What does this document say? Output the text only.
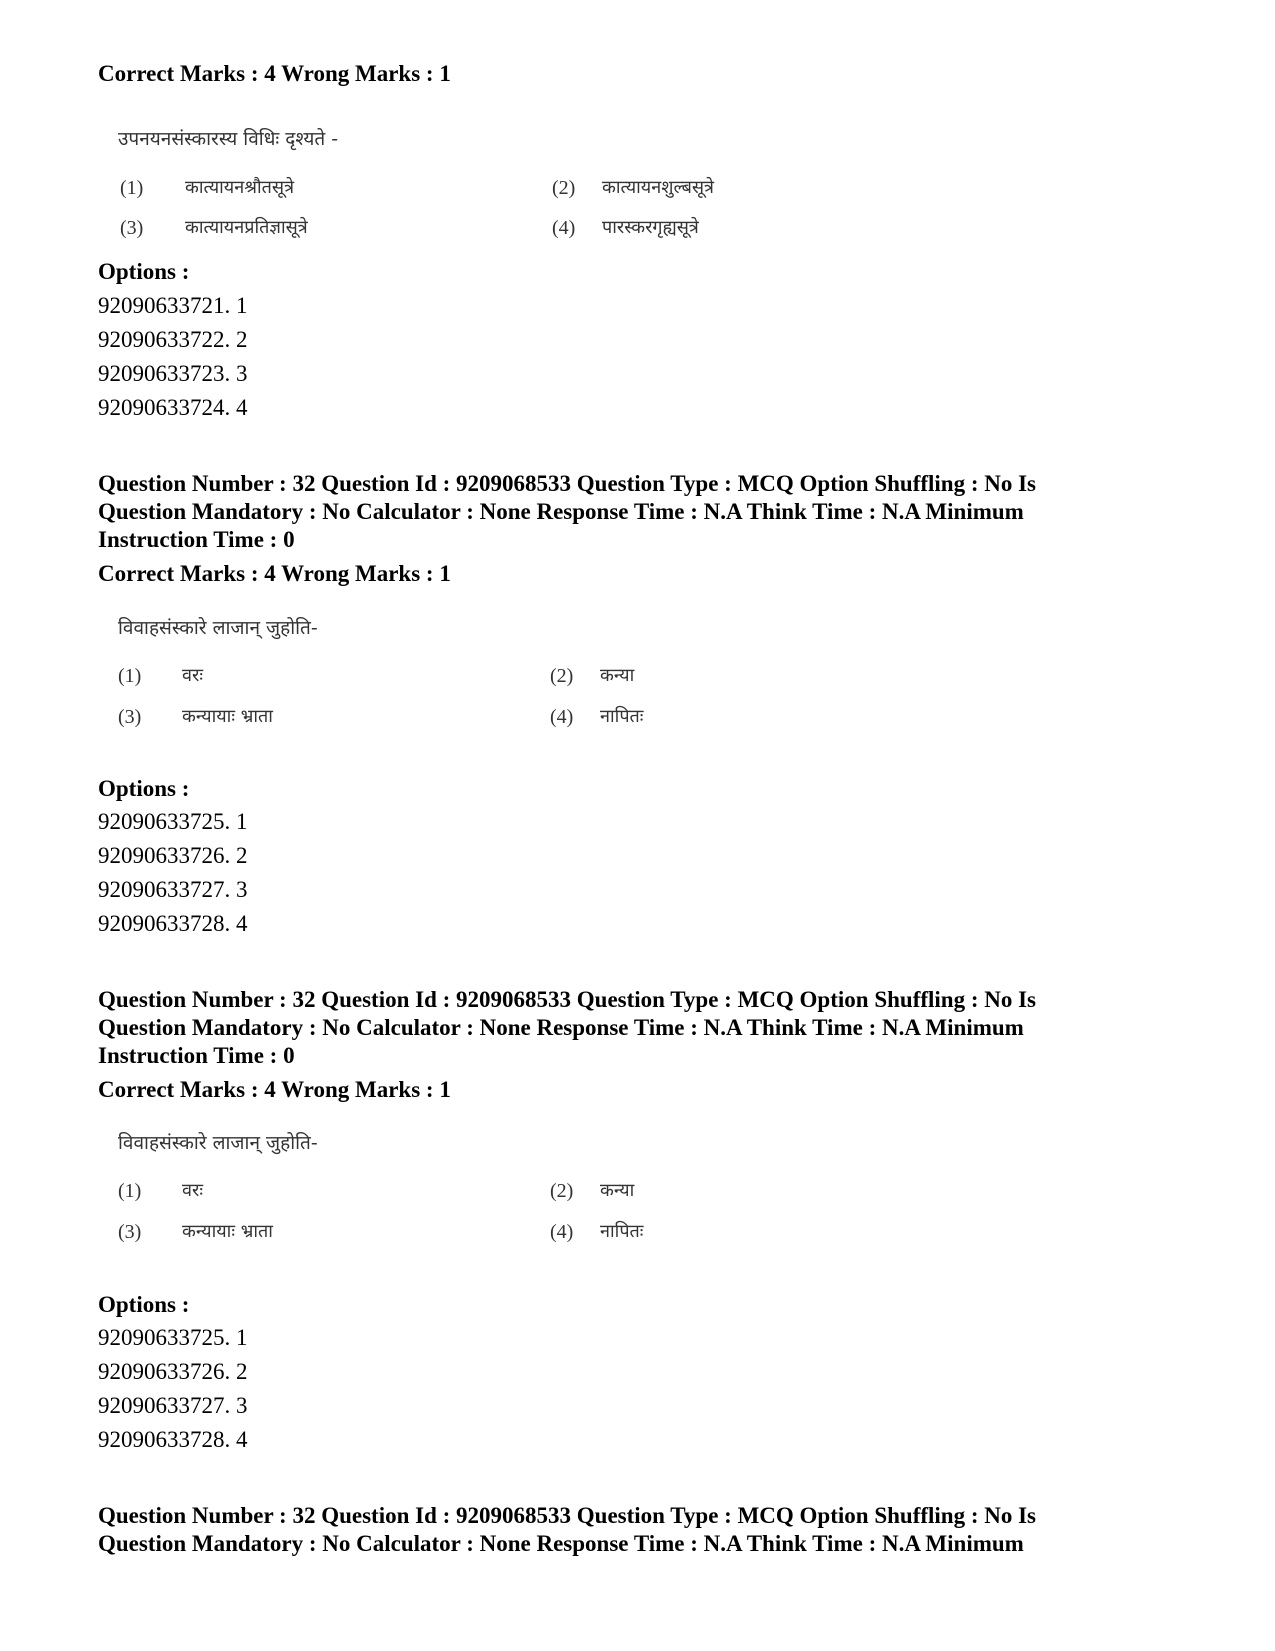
Correct Marks : 4 Wrong Marks : 1
उपनयनसंस्कारस्य विधिः दृश्यते -
(1) कात्यायनश्रौतसूत्रे	(2) कात्यायनशुल्बसूत्रे
(3) कात्यायनप्रतिज्ञासूत्रे	(4) पारस्करगृह्यसूत्रे
Options :
92090633721. 1
92090633722. 2
92090633723. 3
92090633724. 4
Question Number : 32 Question Id : 9209068533 Question Type : MCQ Option Shuffling : No Is
Question Mandatory : No Calculator : None Response Time : N.A Think Time : N.A Minimum
Instruction Time : 0
Correct Marks : 4 Wrong Marks : 1
विवाहसंस्कारे लाजान् जुहोति-
(1) वरः	(2) कन्या
(3) कन्यायाः भ्राता	(4) नापितः
Options :
92090633725. 1
92090633726. 2
92090633727. 3
92090633728. 4
Question Number : 32 Question Id : 9209068533 Question Type : MCQ Option Shuffling : No Is
Question Mandatory : No Calculator : None Response Time : N.A Think Time : N.A Minimum
Instruction Time : 0
Correct Marks : 4 Wrong Marks : 1
विवाहसंस्कारे लाजान् जुहोति-
(1) वरः	(2) कन्या
(3) कन्यायाः भ्राता	(4) नापितः
Options :
92090633725. 1
92090633726. 2
92090633727. 3
92090633728. 4
Question Number : 32 Question Id : 9209068533 Question Type : MCQ Option Shuffling : No Is
Question Mandatory : No Calculator : None Response Time : N.A Think Time : N.A Minimum
